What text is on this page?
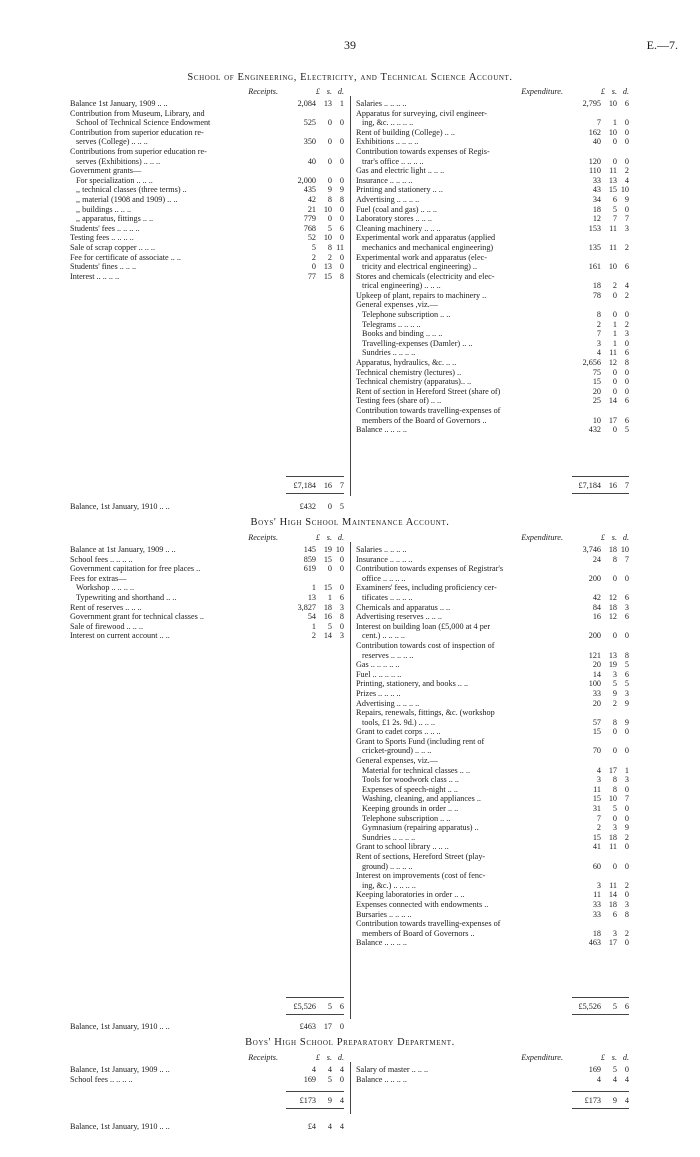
39	E.—7.
School of Engineering, Electricity, and Technical Science Account.
Receipts.	£ s. d.	Expenditure.	£ s. d.
Balance 1st January, 1909 .. ..	2,084 13 1
Contribution from Museum, Library, and
School of Technical Science Endowment	525	0 0
Contribution from superior education re-
serves (College) .. .. ..	350	0 0
Contributions from superior education re-
serves (Exhibitions) .. .. ..	40	0 0
Government grants—
For specialization .. .. ..	2,000	0 0
,, technical classes (three terms) ..	435	9 9
,, material (1908 and 1909) .. ..	42	8 8
,, buildings .. .. ..	21 10 0
,, apparatus, fittings .. ..	779	0 0
Students' fees .. .. .. ..	768	5 6
Testing fees .. .. .. ..	52 10 0
Sale of scrap copper .. .. ..	5	8 11
Fee for certificate of associate .. ..	2	2 0
Students' fines .. .. ..	0 13 0
Interest .. .. .. ..	77 15 8
Salaries .. .. .. ..	2,795 10 6
Apparatus for surveying, civil engineer-
ing, &c. .. .. .. ..	7	1 0
Rent of building (College) .. ..	162 10 0
Exhibitions .. .. .. ..	40	0 0
Contribution towards expenses of Regis-
trar's office .. .. .. ..	120	0 0
Gas and electric light .. .. ..	110 11 2
Insurance .. .. .. ..	33 13 4
Printing and stationery .. ..	43 15 10
Advertising .. .. .. ..	34	6 9
Fuel (coal and gas) .. .. ..	18	5 0
Laboratory stores .. .. ..	12	7 7
Cleaning machinery .. .. ..	153 11 3
Experimental work and apparatus (applied
mechanics and mechanical engineering)	135 11 2
Experimental work and apparatus (elec-
tricity and electrical engineering) ..	161 10 6
Stores and chemicals (electricity and elec-
trical engineering) .. .. ..	18	2 4
Upkeep of plant, repairs to machinery ..	78	0 2
General expenses ,viz.—
Telephone subscription .. ..	8	0 0
Telegrams .. .. .. ..	2	1 2
Books and binding .. .. ..	7	1 3
Travelling-expenses (Damler) .. ..	3	1 0
Sundries .. .. .. ..	4 11 6
Apparatus, hydraulics, &c. .. ..	2,656 12 8
Technical chemistry (lectures) ..	75	0 0
Technical chemistry (apparatus).. ..	15	0 0
Rent of section in Hereford Street (share of)	20	0 0
Testing fees (share of) .. ..	25 14 6
Contribution towards travelling-expenses of
members of the Board of Governors ..	10 17 6
Balance .. .. .. ..	432	0 5
£7,184 16 7	£7,184 16 7
Balance, 1st January, 1910 .. ..	£432	0 5
Boys' High School Maintenance Account.
Receipts.	£ s. d.	Expenditure.	£ s. d.
Balance at 1st January, 1909 .. ..	145 19 10
School fees .. .. .. ..	859 15 0
Government capitation for free places ..	619	0 0
Fees for extras—
Workshop .. .. .. ..	1 15 0
Typewriting and shorthand .. ..	13	1 6
Rent of reserves .. .. ..	3,827 18 3
Government grant for technical classes ..	54 16 8
Sale of firewood .. .. ..	1	5 0
Interest on current account .. ..	2 14 3
Salaries .. .. .. ..	3,746 18 10
Insurance .. .. .. ..	24	8 7
Contribution towards expenses of Registrar's
office .. .. .. ..	200	0 0
Examiners' fees, including proficiency cer-
tificates .. .. .. ..	42 12 6
Chemicals and apparatus .. ..	84 18 3
Advertising reserves .. .. ..	16 12 6
Interest on building loan (£5,000 at 4 per
cent.) .. .. .. ..	200	0 0
Contribution towards cost of inspection of
reserves .. .. .. ..	121 13 8
Gas .. .. .. .. ..	20 19 5
Fuel .. .. .. .. ..	14	3 6
Printing, stationery, and books .. ..	100	5 5
Prizes .. .. .. ..	33	9 3
Advertising .. .. .. ..	20	2 9
Repairs, renewals, fittings, &c. (workshop
tools, £1 2s. 9d.) .. .. ..	57	8 9
Grant to cadet corps .. .. ..	15	0 0
Grant to Sports Fund (including rent of
cricket-ground) .. .. ..	70	0 0
General expenses, viz.—
Material for technical classes .. ..	4 17 1
Tools for woodwork class .. ..	3	8 3
Expenses of speech-night .. ..	11	8 0
Washing, cleaning, and appliances ..	15 10 7
Keeping grounds in order .. ..	31	5 0
Telephone subscription .. ..	7	0 0
Gymnasium (repairing apparatus) ..	2	3 9
Sundries .. .. .. ..	15 18 2
Grant to school library .. .. ..	41 11 0
Rent of sections, Hereford Street (play-
ground) .. .. .. ..	60	0 0
Interest on improvements (cost of fenc-
ing, &c.) .. .. .. ..	3 11 2
Keeping laboratories in order .. ..	11 14 0
Expenses connected with endowments ..	33 18 3
Bursaries .. .. .. ..	33	6 8
Contribution towards travelling-expenses of
members of Board of Governors ..	18	3 2
Balance .. .. .. ..	463 17 0
£5,526	5 6	£5,526	5 6
Balance, 1st January, 1910 .. ..	£463 17 0
Boys' High School Preparatory Department.
Receipts.	£ s. d.	Expenditure.	£ s. d.
Balance, 1st January, 1909 .. ..	4	4 4
School fees .. .. .. ..	169	5 0
Salary of master .. .. ..	169	5 0
Balance .. .. .. ..	4	4 4
£173	9 4	£173	9 4
Balance, 1st January, 1910 .. ..	£4	4 4
